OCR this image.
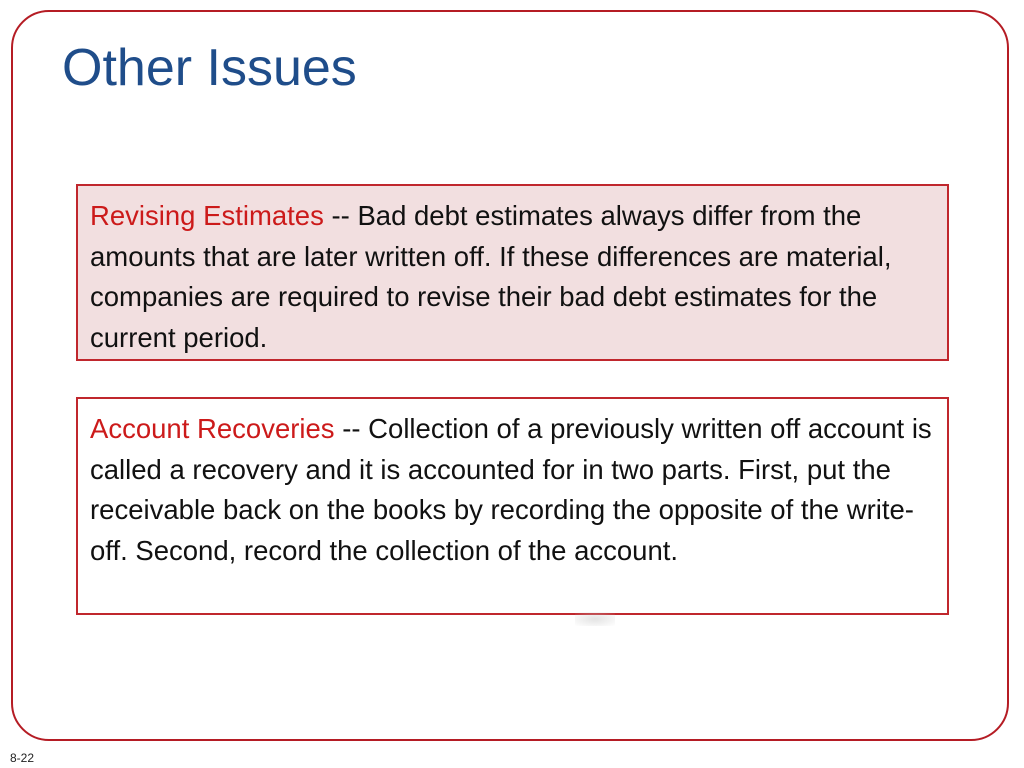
Other Issues
Revising Estimates -- Bad debt estimates always differ from the amounts that are later written off. If these differences are material, companies are required to revise their bad debt estimates for the current period.
Account Recoveries -- Collection of a previously written off account is called a recovery and it is accounted for in two parts. First, put the receivable back on the books by recording the opposite of the write-off. Second, record the collection of the account.
8-22
